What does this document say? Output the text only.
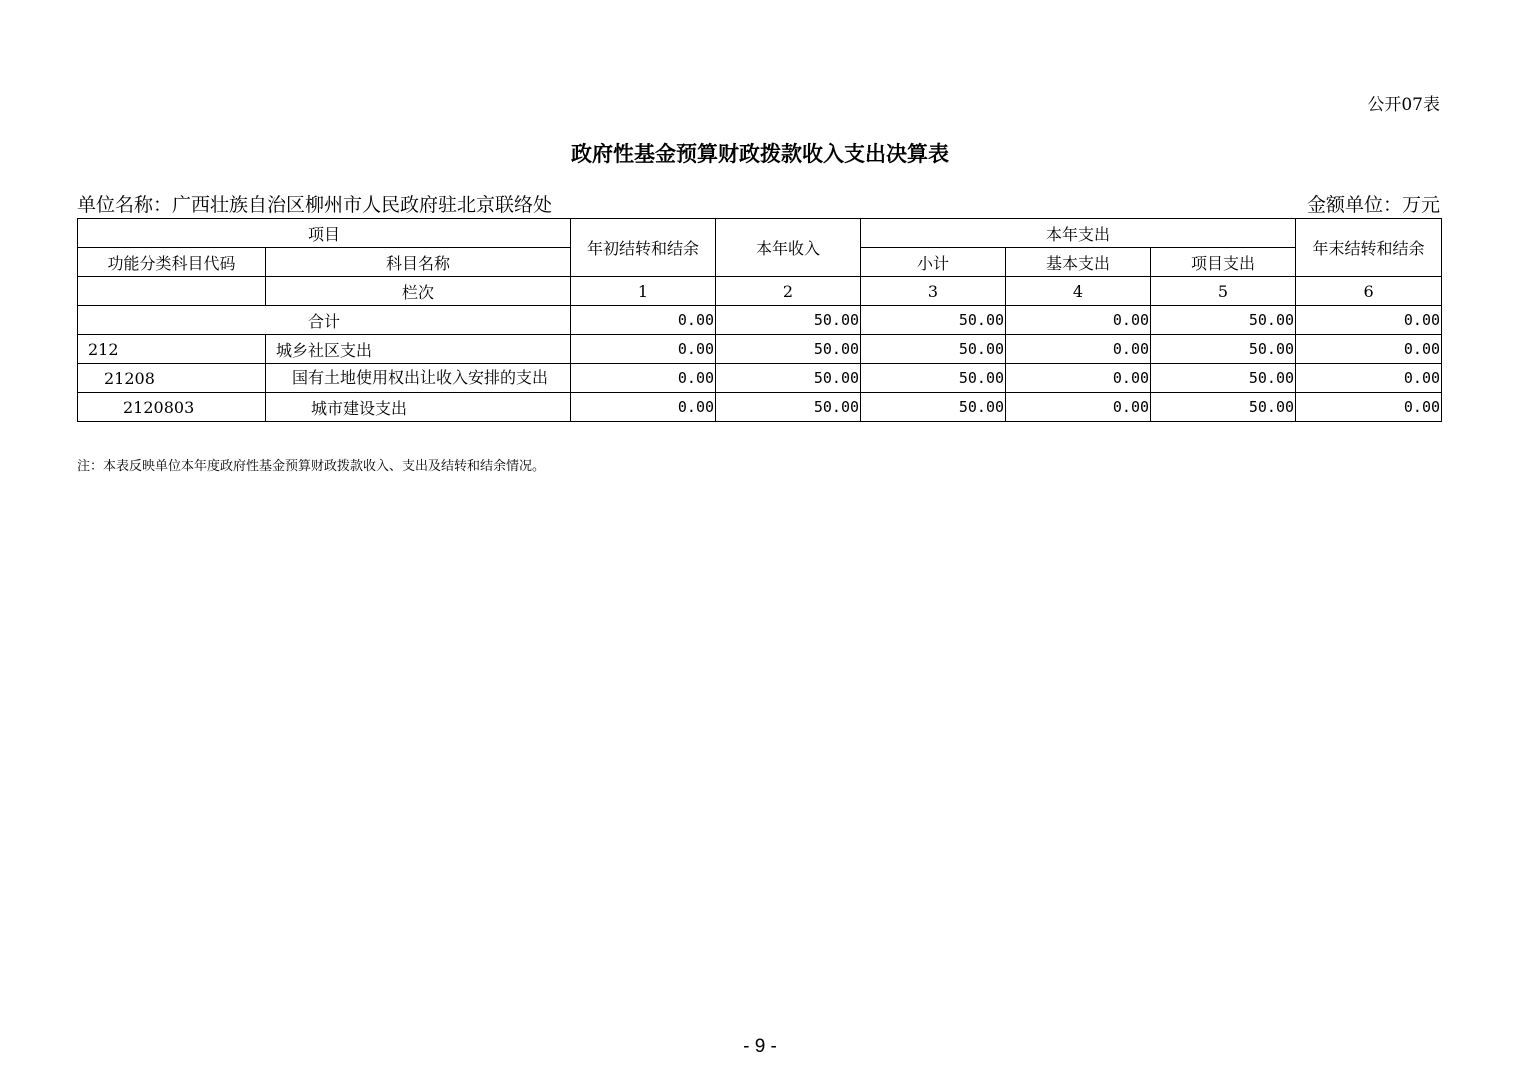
公开07表
政府性基金预算财政拨款收入支出决算表
单位名称：广西壮族自治区柳州市人民政府驻北京联络处	金额单位：万元
项目		年初结转和结余	本年收入	本年支出			年末结转和结余
功能分类科目代码	科目名称			小计	基本支出	项目支出	
	栏次	1	2	3	4	5	6
合计		0.00	50.00	50.00	0.00	50.00	0.00
212	城乡社区支出	0.00	50.00	50.00	0.00	50.00	0.00
21208	国有土地使用权出让收入安排的支出	0.00	50.00	50.00	0.00	50.00	0.00
2120803	城市建设支出	0.00	50.00	50.00	0.00	50.00	0.00
注：本表反映单位本年度政府性基金预算财政拨款收入、支出及结转和结余情况。
- 9 -
